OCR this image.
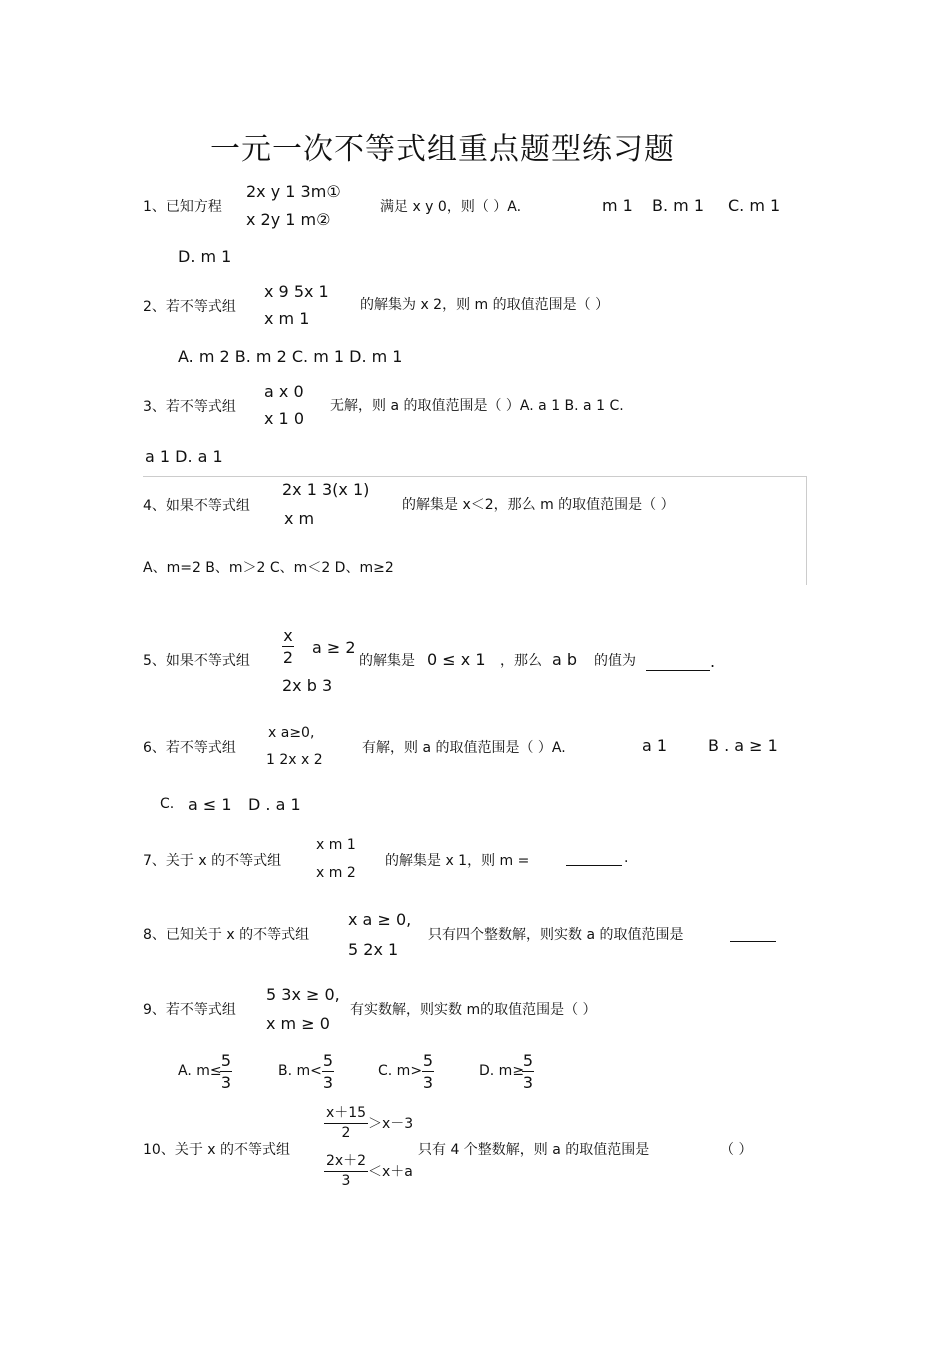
一元一次不等式组重点题型练习题
1、已知方程
2x y 1 3m①
x 2y 1 m②
满足 x y 0，则（ ）A.	m 1 B. m 1 C. m 1
D. m 1
2、若不等式组
x 9 5x 1
x m 1
的解集为 x 2，则 m 的取值范围是（ ）
A. m 2 B. m 2 C. m 1 D. m 1
3、若不等式组
a x 0
x 1 0
无解，则 a 的取值范围是（ ）A. a 1 B. a 1 C.
a 1 D. a 1
4、如果不等式组
2x 1 3(x 1)
x m
的解集是 x＜2，那么 m 的取值范围是（ ）
A、m=2 B、m＞2 C、m＜2 D、m≥2
5、如果不等式组
x
2
a ≥ 2
2x b 3
的解集是 0 ≤ x 1 ，那么 a b 的值为	.
6、若不等式组
x a≥0,
1 2x x 2
有解，则 a 的取值范围是（ ）A.	a 1	B . a ≥ 1
C. a ≤ 1 D . a 1
7、关于 x 的不等式组
x m 1
x m 2
的解集是 x 1，则 m =	.
8、已知关于 x 的不等式组
x a ≥ 0,
5 2x 1
只有四个整数解，则实数 a 的取值范围是
9、若不等式组
5 3x ≥ 0,
x m ≥ 0
有实数解，则实数 m的取值范围是（ ）
A. m≤
5
3
B. m<
5
3
C. m>
5
3
D. m≥
5
3
10、关于 x 的不等式组
x＋15
2
＞x－3
2x＋2
3
＜x＋a
只有 4 个整数解，则 a 的取值范围是	（ ）
